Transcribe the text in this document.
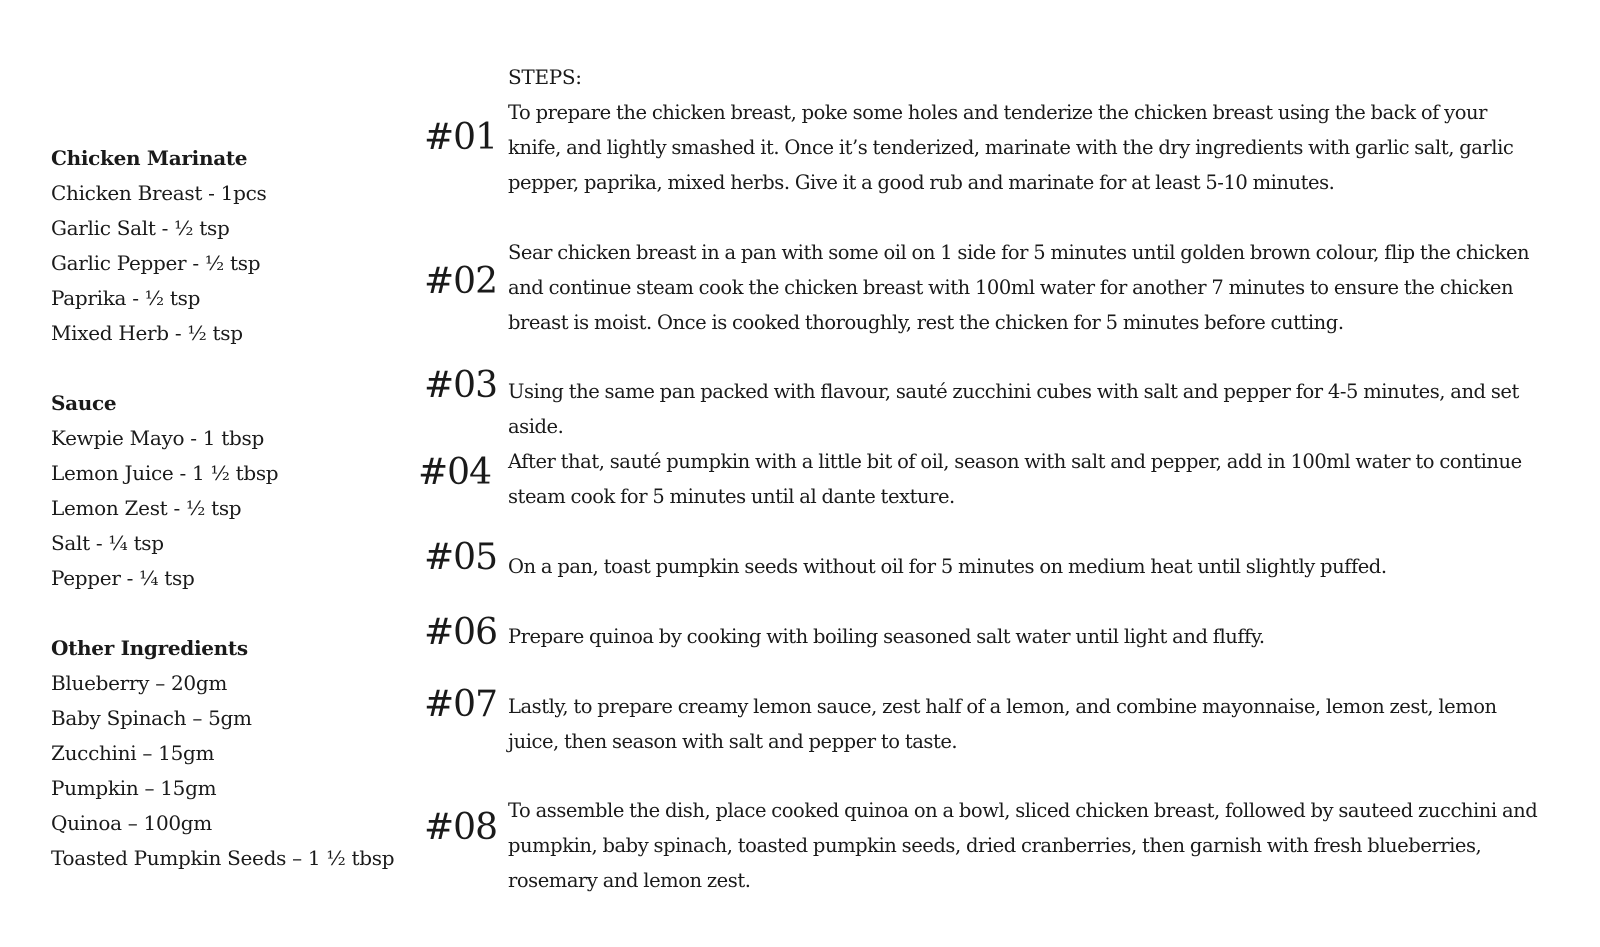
Chicken Marinate
Chicken Breast - 1pcs
Garlic Salt - ½ tsp
Garlic Pepper - ½ tsp
Paprika - ½ tsp
Mixed Herb - ½ tsp
Sauce
Kewpie Mayo - 1 tbsp
Lemon Juice - 1 ½ tbsp
Lemon Zest - ½ tsp
Salt - ¼ tsp
Pepper - ¼ tsp
Other Ingredients
Blueberry – 20gm
Baby Spinach – 5gm
Zucchini – 15gm
Pumpkin – 15gm
Quinoa – 100gm
Toasted Pumpkin Seeds – 1 ½ tbsp
STEPS:
#01
To prepare the chicken breast, poke some holes and tenderize the chicken breast using the back of your knife, and lightly smashed it. Once it’s tenderized, marinate with the dry ingredients with garlic salt, garlic pepper, paprika, mixed herbs. Give it a good rub and marinate for at least 5-10 minutes.
#02
Sear chicken breast in a pan with some oil on 1 side for 5 minutes until golden brown colour, flip the chicken and continue steam cook the chicken breast with 100ml water for another 7 minutes to ensure the chicken breast is moist. Once is cooked thoroughly, rest the chicken for 5 minutes before cutting.
#03 Using the same pan packed with flavour, sauté zucchini cubes with salt and pepper for 4-5 minutes, and set aside.
#04 After that, sauté pumpkin with a little bit of oil, season with salt and pepper, add in 100ml water to continue steam cook for 5 minutes until al dante texture.
#05 On a pan, toast pumpkin seeds without oil for 5 minutes on medium heat until slightly puffed.
#06 Prepare quinoa by cooking with boiling seasoned salt water until light and fluffy.
#07 Lastly, to prepare creamy lemon sauce, zest half of a lemon, and combine mayonnaise, lemon zest, lemon juice, then season with salt and pepper to taste.
#08 To assemble the dish, place cooked quinoa on a bowl, sliced chicken breast, followed by sauteed zucchini and pumpkin, baby spinach, toasted pumpkin seeds, dried cranberries, then garnish with fresh blueberries, rosemary and lemon zest.
